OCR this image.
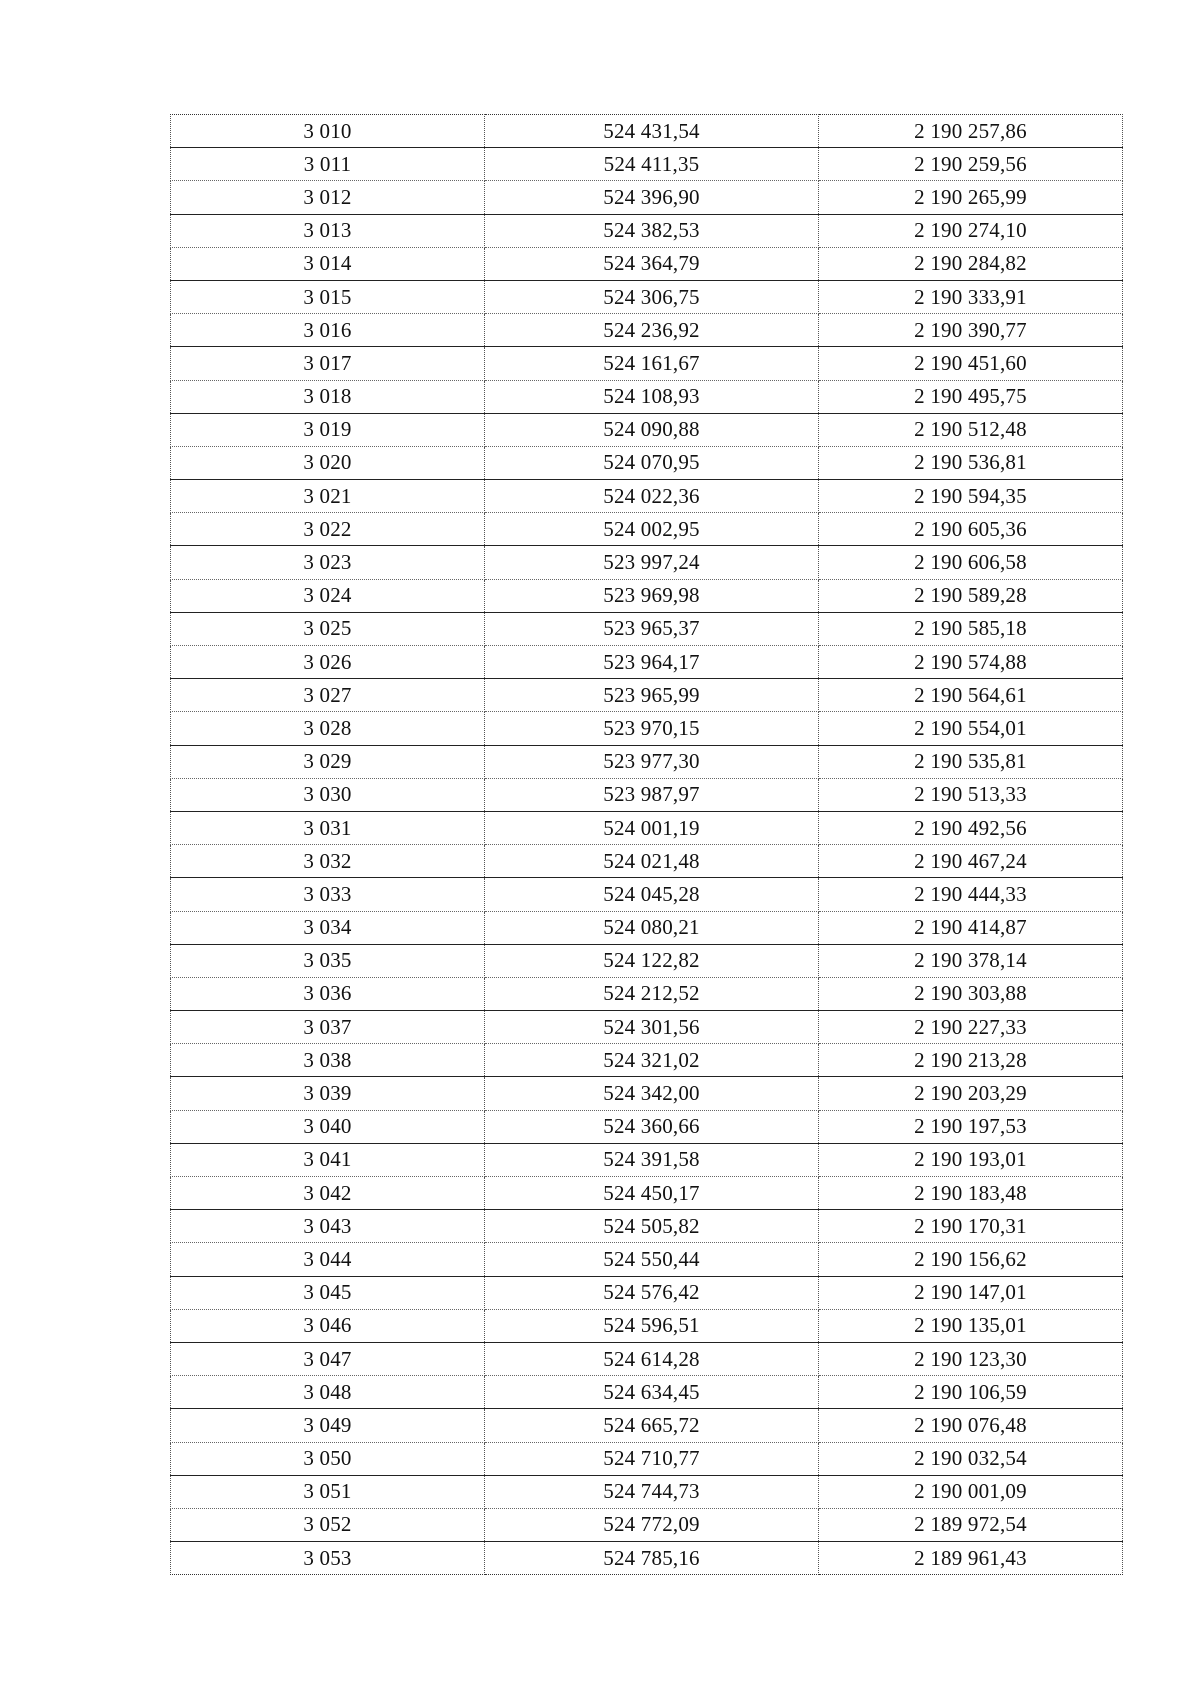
3 010	524 431,54	2 190 257,86
3 011	524 411,35	2 190 259,56
3 012	524 396,90	2 190 265,99
3 013	524 382,53	2 190 274,10
3 014	524 364,79	2 190 284,82
3 015	524 306,75	2 190 333,91
3 016	524 236,92	2 190 390,77
3 017	524 161,67	2 190 451,60
3 018	524 108,93	2 190 495,75
3 019	524 090,88	2 190 512,48
3 020	524 070,95	2 190 536,81
3 021	524 022,36	2 190 594,35
3 022	524 002,95	2 190 605,36
3 023	523 997,24	2 190 606,58
3 024	523 969,98	2 190 589,28
3 025	523 965,37	2 190 585,18
3 026	523 964,17	2 190 574,88
3 027	523 965,99	2 190 564,61
3 028	523 970,15	2 190 554,01
3 029	523 977,30	2 190 535,81
3 030	523 987,97	2 190 513,33
3 031	524 001,19	2 190 492,56
3 032	524 021,48	2 190 467,24
3 033	524 045,28	2 190 444,33
3 034	524 080,21	2 190 414,87
3 035	524 122,82	2 190 378,14
3 036	524 212,52	2 190 303,88
3 037	524 301,56	2 190 227,33
3 038	524 321,02	2 190 213,28
3 039	524 342,00	2 190 203,29
3 040	524 360,66	2 190 197,53
3 041	524 391,58	2 190 193,01
3 042	524 450,17	2 190 183,48
3 043	524 505,82	2 190 170,31
3 044	524 550,44	2 190 156,62
3 045	524 576,42	2 190 147,01
3 046	524 596,51	2 190 135,01
3 047	524 614,28	2 190 123,30
3 048	524 634,45	2 190 106,59
3 049	524 665,72	2 190 076,48
3 050	524 710,77	2 190 032,54
3 051	524 744,73	2 190 001,09
3 052	524 772,09	2 189 972,54
3 053	524 785,16	2 189 961,43
